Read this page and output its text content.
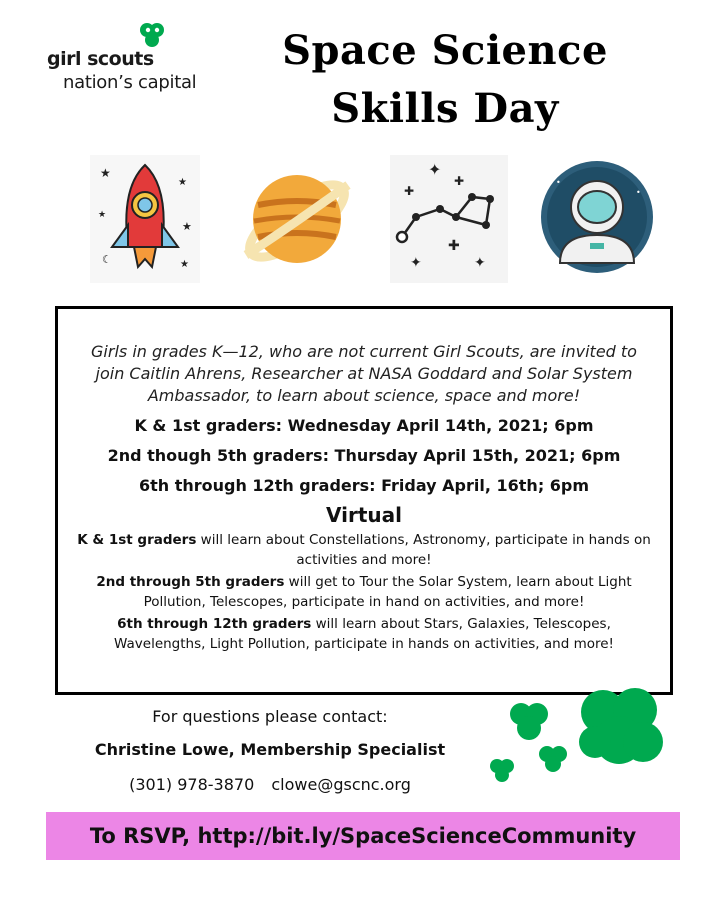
girl scouts
nation’s capital
Space Science
Skills Day
★
★
★
★
☾	★
✦
✚
✚
✚
✦	✦
•
•
Girls in grades K—12, who are not current Girl Scouts, are invited to join Caitlin Ahrens, Researcher at NASA Goddard and Solar System Ambassador, to learn about science, space and more!
K & 1st graders: Wednesday April 14th, 2021; 6pm
2nd though 5th graders: Thursday April 15th, 2021; 6pm
6th through 12th graders: Friday April, 16th; 6pm
Virtual
K & 1st graders will learn about Constellations, Astronomy, participate in hands on activities and more!
2nd through 5th graders will get to Tour the Solar System, learn about Light Pollution, Telescopes, participate in hand on activities, and more!
6th through 12th graders will learn about Stars, Galaxies, Telescopes, Wavelengths, Light Pollution, participate in hands on activities, and more!
For questions please contact:
Christine Lowe, Membership Specialist
(301) 978-3870 clowe@gscnc.org
To RSVP, http://bit.ly/SpaceScienceCommunity
